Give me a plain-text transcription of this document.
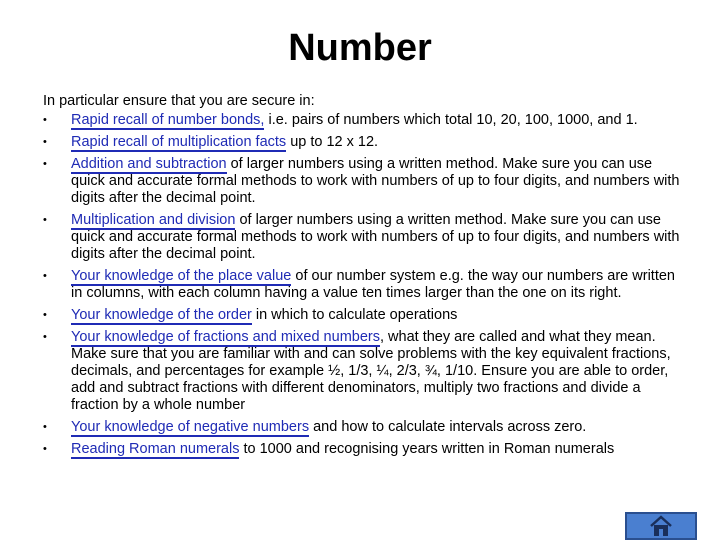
Number
In particular ensure that you are secure in:
•	Rapid recall of number bonds, i.e. pairs of numbers which total 10, 20, 100, 1000, and 1.
•	Rapid recall of multiplication facts up to 12 x 12.
•	Addition and subtraction of larger numbers using a written method. Make sure you can use quick and accurate formal methods to work with numbers of up to four digits, and numbers with digits after the decimal point.
•	Multiplication and division of larger numbers using a written method. Make sure you can use quick and accurate formal methods to work with numbers of up to four digits, and numbers with digits after the decimal point.
•	Your knowledge of the place value of our number system e.g. the way our numbers are written in columns, with each column having a value ten times larger than the one on its right.
•	Your knowledge of the order in which to calculate operations
•	Your knowledge of fractions and mixed numbers, what they are called and what they mean. Make sure that you are familiar with and can solve problems with the key equivalent fractions, decimals, and percentages for example ½, 1/3, ¼, 2/3, ¾, 1/10. Ensure you are able to order, add and subtract fractions with different denominators, multiply two fractions and divide a fraction by a whole number
•	Your knowledge of negative numbers and how to calculate intervals across zero.
•	Reading Roman numerals to 1000 and recognising years written in Roman numerals
